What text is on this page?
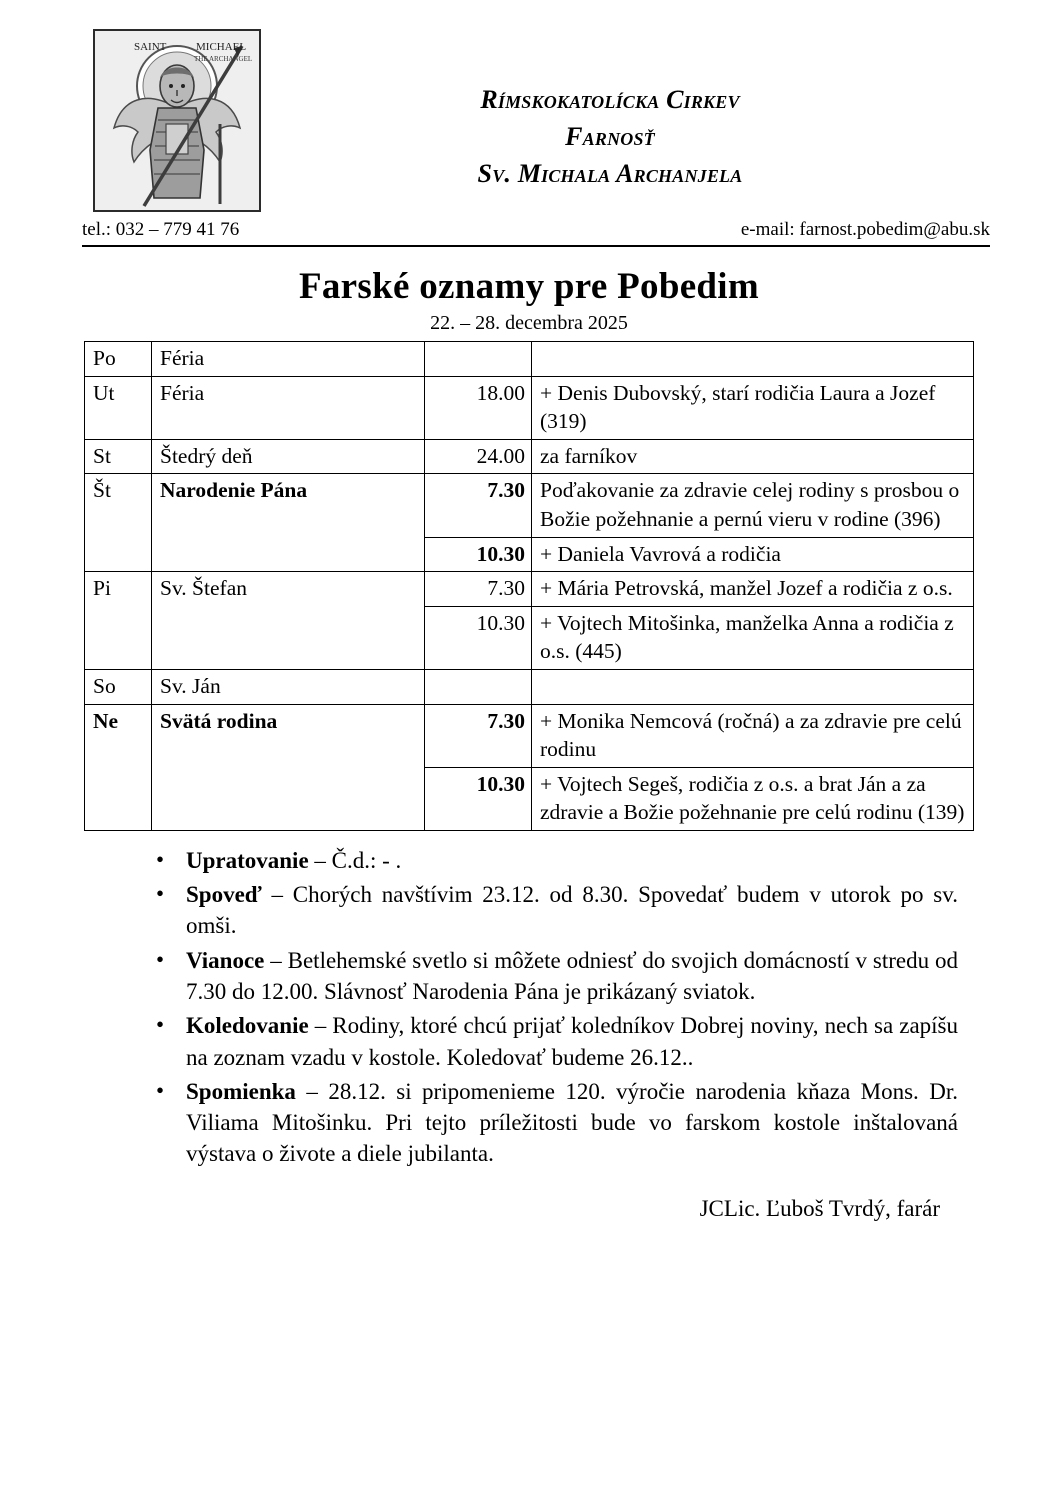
SAINT	MICHAEL
THE ARCHANGEL
Rímskokatolícka Cirkev
Farnosť
Sv. Michala Archanjela
tel.: 032 – 779 41 76	e-mail: farnost.pobedim@abu.sk
Farské oznamy pre Pobedim
22. – 28. decembra 2025
Po	Féria		
Ut	Féria	18.00	+ Denis Dubovský, starí rodičia Laura a Jozef (319)
St	Štedrý deň	24.00	za farníkov
Št	Narodenie Pána	7.30	Poďakovanie za zdravie celej rodiny s prosbou o Božie požehnanie a pernú vieru v rodine (396)
		10.30	+ Daniela Vavrová a rodičia
Pi	Sv. Štefan	7.30	+ Mária Petrovská, manžel Jozef a rodičia z o.s.
		10.30	+ Vojtech Mitošinka, manželka Anna a rodičia z o.s. (445)
So	Sv. Ján		
Ne	Svätá rodina	7.30	+ Monika Nemcová (ročná) a za zdravie pre celú rodinu
		10.30	+ Vojtech Segeš, rodičia z o.s. a brat Ján a za zdravie a Božie požehnanie pre celú rodinu (139)
• Upratovanie – Č.d.: - .
• Spoveď – Chorých navštívim 23.12. od 8.30. Spovedať budem v utorok po sv. omši.
• Vianoce – Betlehemské svetlo si môžete odniesť do svojich domácností v stredu od 7.30 do 12.00. Slávnosť Narodenia Pána je prikázaný sviatok.
• Koledovanie – Rodiny, ktoré chcú prijať koledníkov Dobrej noviny, nech sa zapíšu na zoznam vzadu v kostole. Koledovať budeme 26.12..
• Spomienka – 28.12. si pripomenieme 120. výročie narodenia kňaza Mons. Dr. Viliama Mitošinku. Pri tejto príležitosti bude vo farskom kostole inštalovaná výstava o živote a diele jubilanta.
JCLic. Ľuboš Tvrdý, farár
